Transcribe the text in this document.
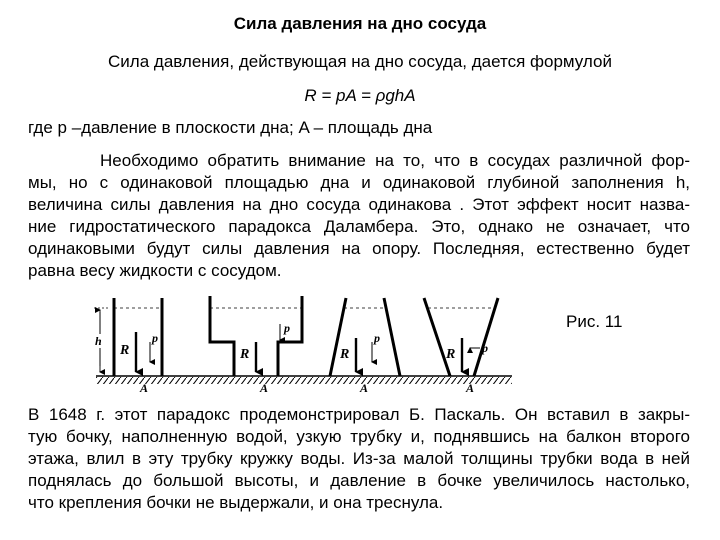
Сила давления на дно сосуда
Сила давления, действующая на дно сосуда, дается формулой
R = pA = ρghA
где p –давление в плоскости дна; A – площадь дна
Необходимо обратить внимание на то, что в сосудах различной фор-
мы, но с одинаковой площадью дна и одинаковой глубиной заполнения h,
величина силы давления на дно сосуда одинакова . Этот эффект носит назва-
ние гидростатического парадокса Даламбера. Это, однако не означает, что
одинаковыми будут силы давления на опору. Последняя, естественно будет
равна весу жидкости с сосудом.
h
R
p
A
R
p
A
R
p
A
R p
A
Рис. 11
В 1648 г. этот парадокс продемонстрировал Б. Паскаль. Он вставил в закры-
тую бочку, наполненную водой, узкую трубку и, поднявшись на балкон второго
этажа, влил в эту трубку кружку воды. Из-за малой толщины трубки вода в ней
поднялась до большой высоты, и давление в бочке увеличилось настолько,
что крепления бочки не выдержали, и она треснула.
